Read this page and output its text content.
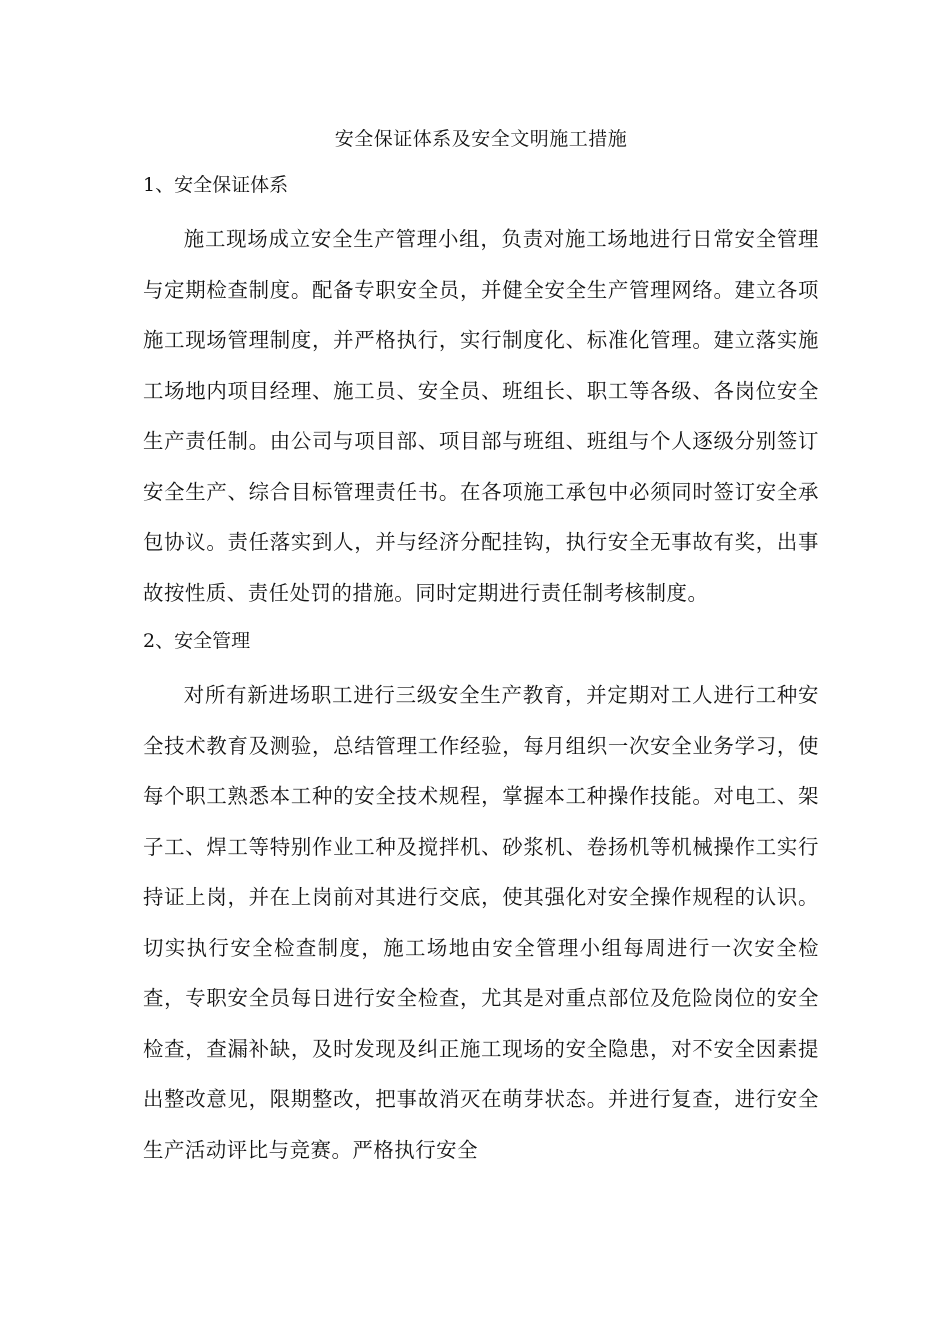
安全保证体系及安全文明施工措施
1、安全保证体系

施工现场成立安全生产管理小组，负责对施工场地进行日常安全管理与定期检查制度。配备专职安全员，并健全安全生产管理网络。建立各项施工现场管理制度，并严格执行，实行制度化、标准化管理。建立落实施工场地内项目经理、施工员、安全员、班组长、职工等各级、各岗位安全生产责任制。由公司与项目部、项目部与班组、班组与个人逐级分别签订安全生产、综合目标管理责任书。在各项施工承包中必须同时签订安全承包协议。责任落实到人，并与经济分配挂钩，执行安全无事故有奖，出事故按性质、责任处罚的措施。同时定期进行责任制考核制度。

2、安全管理

对所有新进场职工进行三级安全生产教育，并定期对工人进行工种安全技术教育及测验，总结管理工作经验，每月组织一次安全业务学习，使每个职工熟悉本工种的安全技术规程，掌握本工种操作技能。对电工、架子工、焊工等特别作业工种及搅拌机、砂浆机、卷扬机等机械操作工实行持证上岗，并在上岗前对其进行交底，使其强化对安全操作规程的认识。切实执行安全检查制度，施工场地由安全管理小组每周进行一次安全检查，专职安全员每日进行安全检查，尤其是对重点部位及危险岗位的安全检查，查漏补缺，及时发现及纠正施工现场的安全隐患，对不安全因素提出整改意见，限期整改，把事故消灭在萌芽状态。并进行复查，进行安全生产活动评比与竞赛。严格执行安全
